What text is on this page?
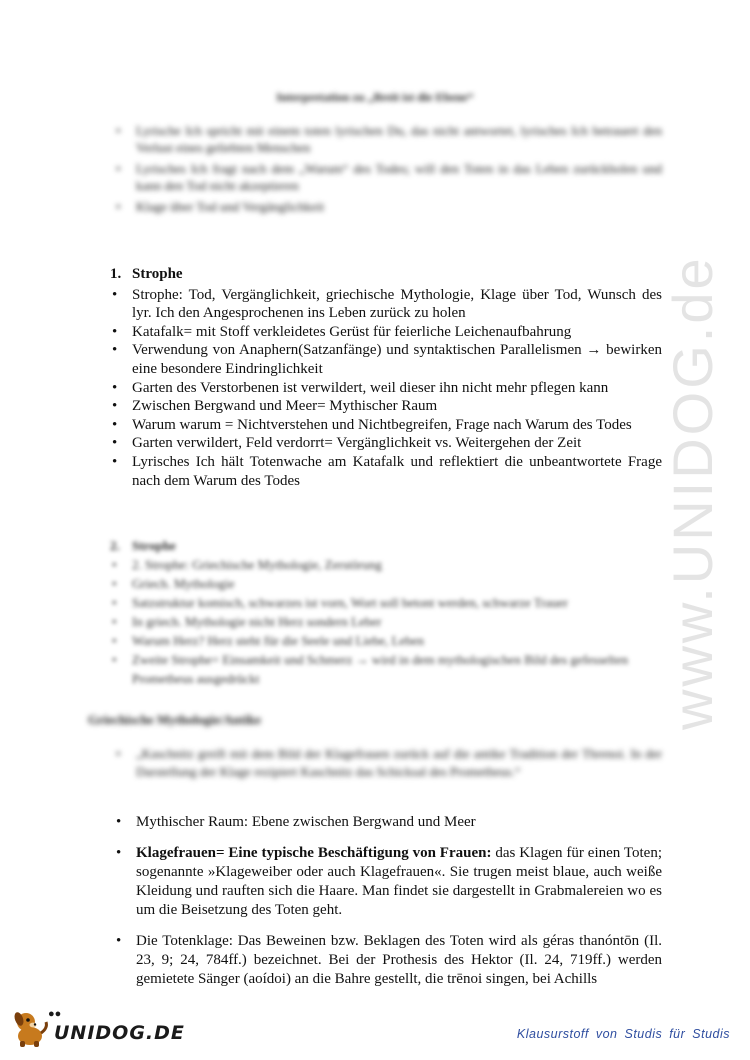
www.UNIDOG.de
Interpretation zu „Breit ist die Ebene“
• Lyrische Ich spricht mit einem toten lyrischen Du, das nicht antwortet, lyrisches Ich betrauert den Verlust eines geliebten Menschen
• Lyrisches Ich fragt nach dem „Warum“ des Todes; will den Toten in das Leben zurückholen und kann den Tod nicht akzeptieren
• Klage über Tod und Vergänglichkeit
1. Strophe
• Strophe: Tod, Vergänglichkeit, griechische Mythologie, Klage über Tod, Wunsch des lyr. Ich den Angesprochenen ins Leben zurück zu holen
• Katafalk= mit Stoff verkleidetes Gerüst für feierliche Leichenaufbahrung
• Verwendung von Anaphern(Satzanfänge) und syntaktischen Parallelismen → bewirken eine besondere Eindringlichkeit
• Garten des Verstorbenen ist verwildert, weil dieser ihn nicht mehr pflegen kann
• Zwischen Bergwand und Meer= Mythischer Raum
• Warum warum = Nichtverstehen und Nichtbegreifen, Frage nach Warum des Todes
• Garten verwildert, Feld verdorrt= Vergänglichkeit vs. Weitergehen der Zeit
• Lyrisches Ich hält Totenwache am Katafalk und reflektiert die unbeantwortete Frage nach dem Warum des Todes
2. Strophe
• 2. Strophe: Griechische Mythologie, Zerstörung
• Griech. Mythologie
• Satzstruktur komisch, schwarzes ist vorn, Wort soll betont werden, schwarze Trauer
• In griech. Mythologie nicht Herz sondern Leber
• Warum Herz? Herz steht für die Seele und Liebe, Leben
• Zweite Strophe= Einsamkeit und Schmerz → wird in dem mythologischen Bild des gefesselten Prometheus ausgedrückt
Griechische Mythologie/Antike
• „Kaschnitz greift mit dem Bild der Klagefrauen zurück auf die antike Tradition der Threnoi. In der Darstellung der Klage rezipiert Kaschnitz das Schicksal des Prometheus.“
• Mythischer Raum: Ebene zwischen Bergwand und Meer
• Klagefrauen= Eine typische Beschäftigung von Frauen: das Klagen für einen Toten; sogenannte »Klageweiber oder auch Klagefrauen«. Sie trugen meist blaue, auch weiße Kleidung und rauften sich die Haare. Man findet sie dargestellt in Grabmalereien wo es um die Beisetzung des Toten geht.
• Die Totenklage: Das Beweinen bzw. Beklagen des Toten wird als géras thanóntōn (Il. 23, 9; 24, 784ff.) bezeichnet. Bei der Prothesis des Hektor (Il. 24, 719ff.) werden gemietete Sänger (aoídoi) an die Bahre gestellt, die trēnoi singen, bei Achills
●●
UNIDOG.DE	Klausurstoff von Studis für Studis
